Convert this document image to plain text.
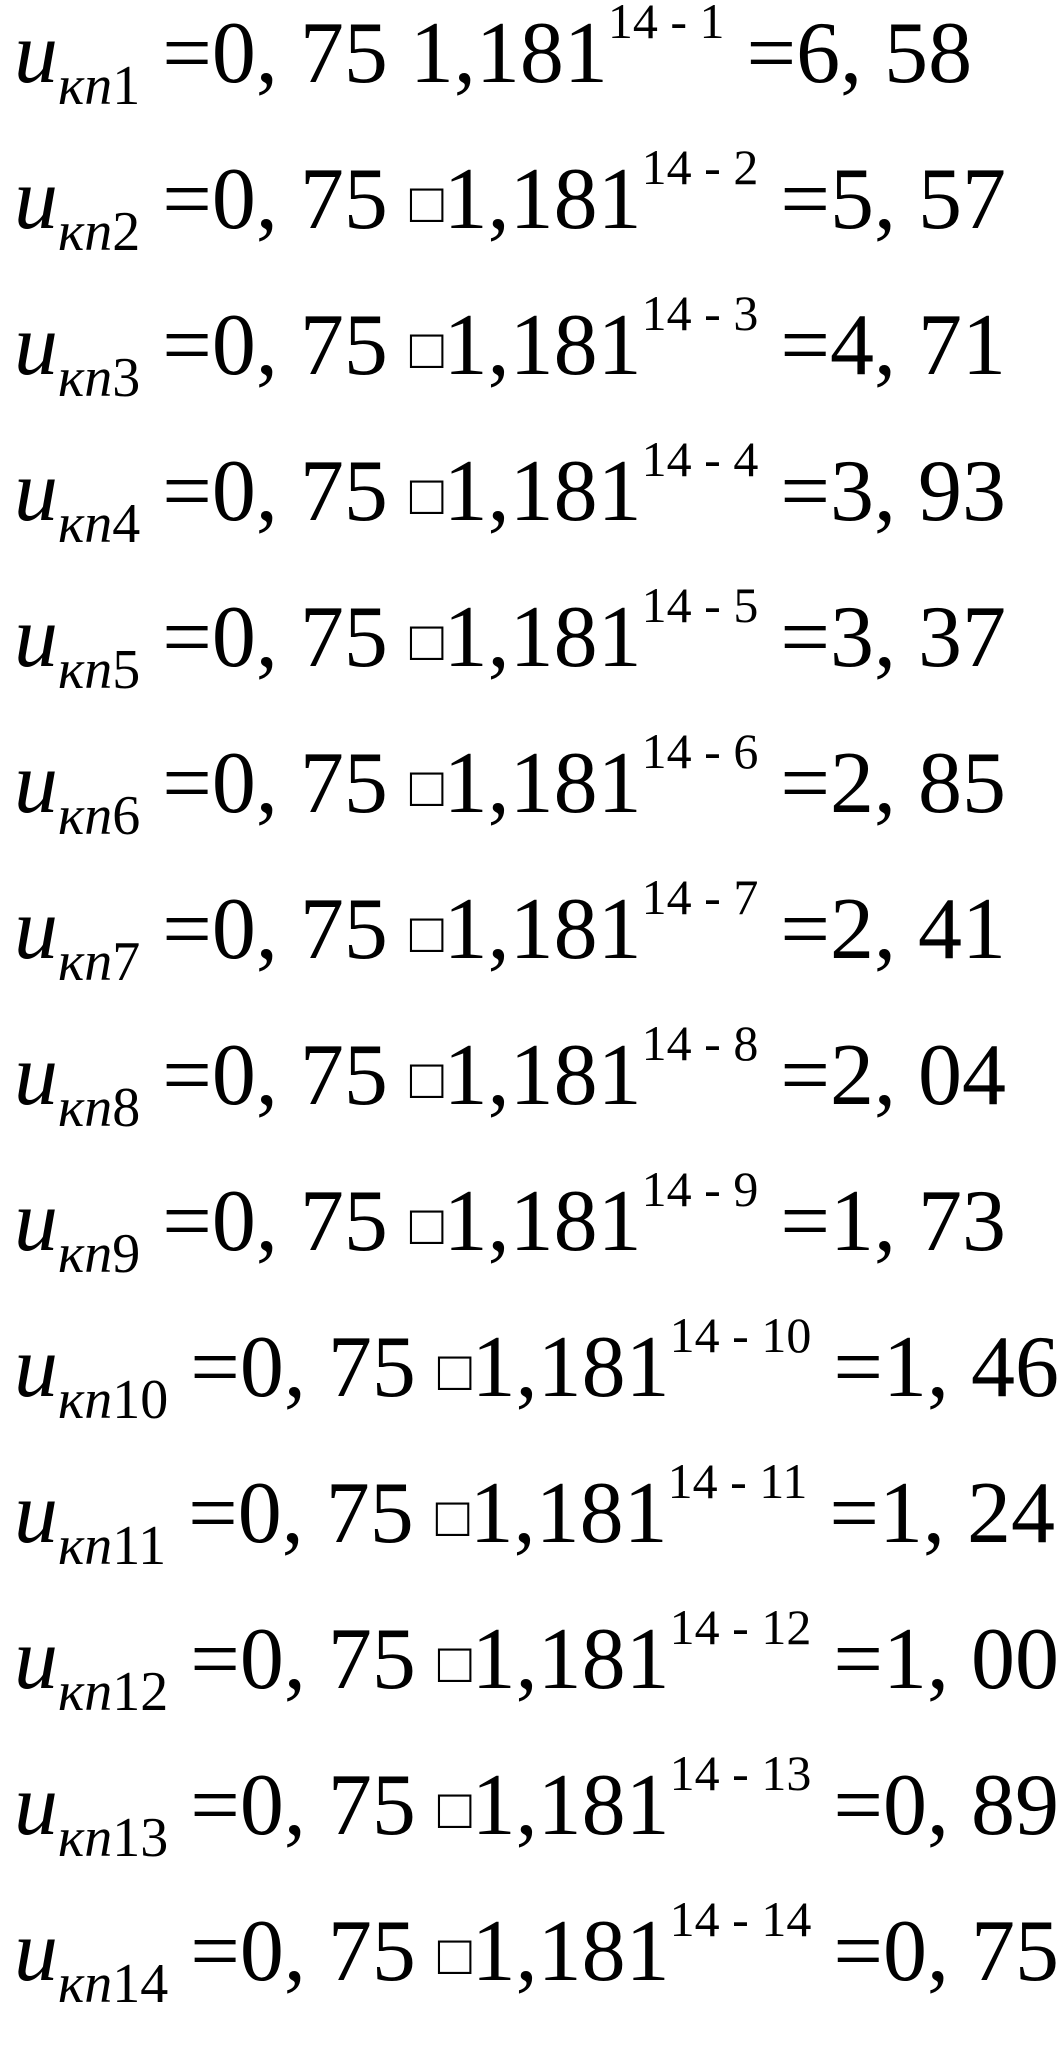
$u_{кп1} =0$, 75 $1,181^{14 - 1} =6$, 58
$u_{кп2} =0$, 75 $□1,181^{14 - 2} =5$, 57
$u_{кп3} =0$, 75 $□1,181^{14 - 3} =4$, 71
$u_{кп4} =0$, 75 $□1,181^{14 - 4} =3$, 93
$u_{кп5} =0$, 75 $□1,181^{14 - 5} =3$, 37
$u_{кп6} =0$, 75 $□1,181^{14 - 6} =2$, 85
$u_{кп7} =0$, 75 $□1,181^{14 - 7} =2$, 41
$u_{кп8} =0$, 75 $□1,181^{14 - 8} =2$, 04
$u_{кп9} =0$, 75 $□1,181^{14 - 9} =1$, 73
$u_{кп10} =0$, 75 $□1,181^{14 - 10} =1$, 46
$u_{кп11} =0$, 75 $□1,181^{14 - 11} =1$, 24
$u_{кп12} =0$, 75 $□1,181^{14 - 12} =1$, 00
$u_{кп13} =0$, 75 $□1,181^{14 - 13} =0$, 89
$u_{кп14} =0$, 75 $□1,181^{14 - 14} =0$, 75
